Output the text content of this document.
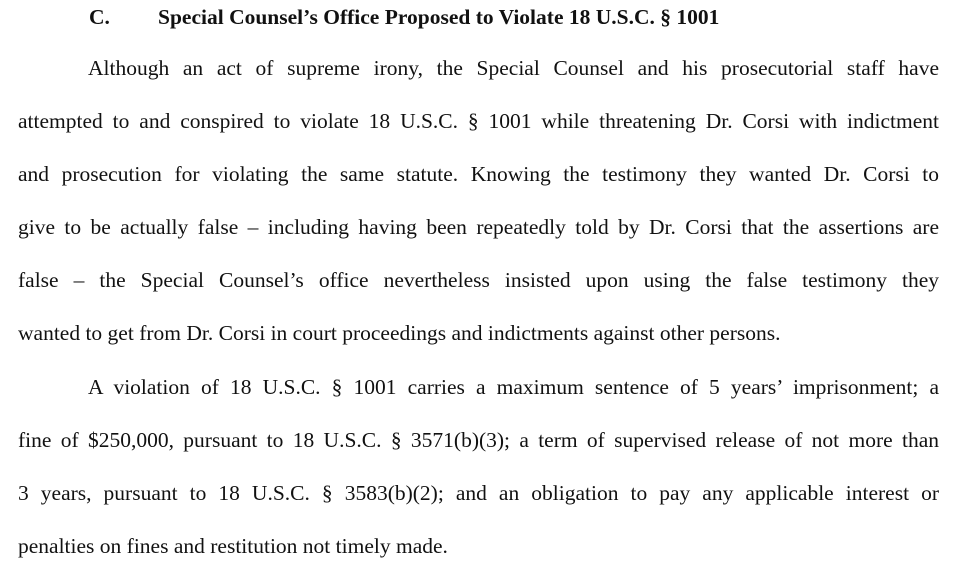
C. Special Counsel’s Office Proposed to Violate 18 U.S.C. § 1001
Although an act of supreme irony, the Special Counsel and his prosecutorial staff have
attempted to and conspired to violate 18 U.S.C. § 1001 while threatening Dr. Corsi with indictment
and prosecution for violating the same statute. Knowing the testimony they wanted Dr. Corsi to
give to be actually false – including having been repeatedly told by Dr. Corsi that the assertions are
false – the Special Counsel’s office nevertheless insisted upon using the false testimony they
wanted to get from Dr. Corsi in court proceedings and indictments against other persons.
A violation of 18 U.S.C. § 1001 carries a maximum sentence of 5 years’ imprisonment; a
fine of $250,000, pursuant to 18 U.S.C. § 3571(b)(3); a term of supervised release of not more than
3 years, pursuant to 18 U.S.C. § 3583(b)(2); and an obligation to pay any applicable interest or
penalties on fines and restitution not timely made.
